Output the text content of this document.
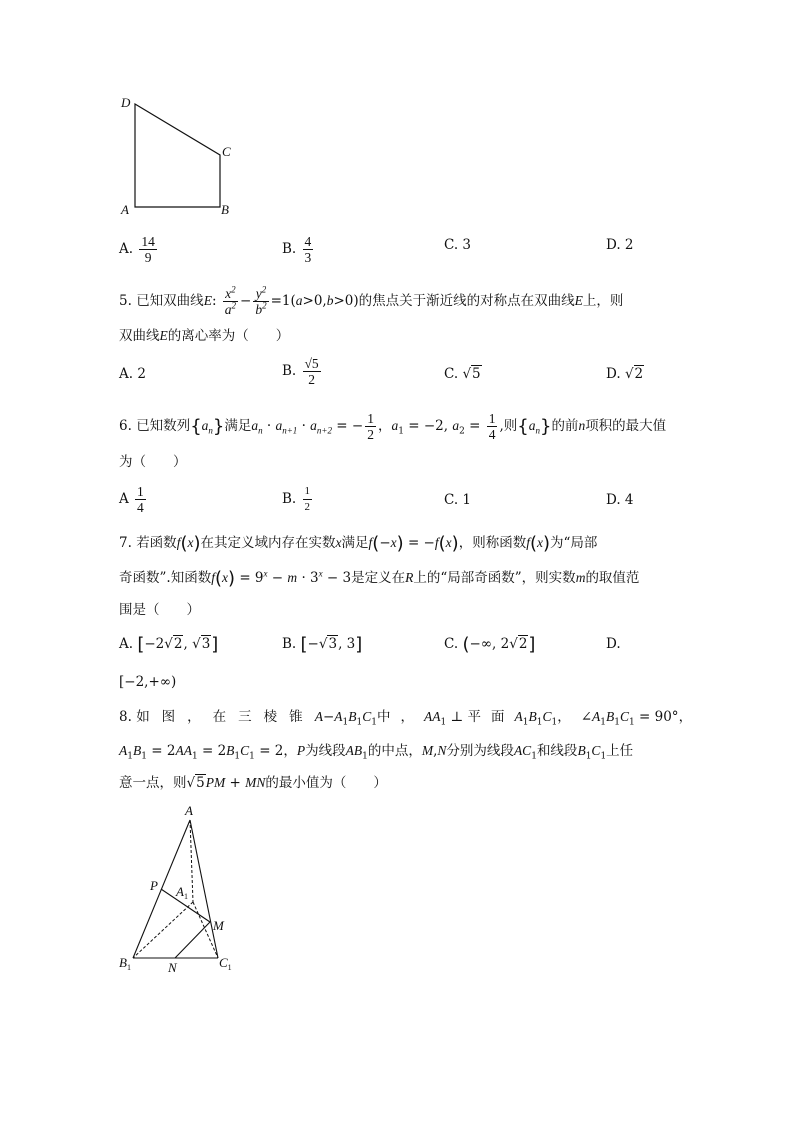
D
C
A	B
A. $\frac{14}{9}$	B. $\frac{4}{3}$	C. 3	D. 2
5. 已知双曲线E: $\frac{x^2}{a^2} - \frac{y^2}{b^2} =1(a>0,b>0)$的焦点关于渐近线的对称点在双曲线E上，则
双曲线E的离心率为（　　）
A. 2	B. $\frac{√5}{2}$	C. √5	D. √2
6. 已知数列$\{a_n\}$满足$a_n \cdot a_{n+1} \cdot a_{n+2}$ = − $\frac{1}{2}$ ，$a_1 = -2$, $a_2 = \frac{1}{4}$ ,则$\{a_n\}$的前n项积的最大值
为（　　）
A $\frac{1}{4}$	B. $\frac{1}{2}$	C. 1	D. 4
7. 若函数f(x)在其定义域内存在实数x满足f(−x) = −f(x)，则称函数f(x)为“局部
奇函数”.知函数$f(x) = 9^x - m \cdot 3^x - 3$是定义在R上的“局部奇函数”，则实数m的取值范
围是（　　）
A. [−2√2, √3]	B. [−√3, 3]	C. (−∞, 2√2]	D.
[−2,+∞)
8. 如图，在三棱锥$A-A_1B_1C_1$中，$AA_1$ ⊥ 平面$A_1B_1C_1$，$\angle A_1B_1C_1 = 90^\circ$，
$A_1B_1 = 2AA_1 = 2B_1C_1 = 2$，P为线段$AB_1$的中点，M,N分别为线段$AC_1$和线段$B_1C_1$上任
意一点，则√5PM + MN的最小值为（　　）
A
P $A_1$
M
$B_1$	N	$C_1$
